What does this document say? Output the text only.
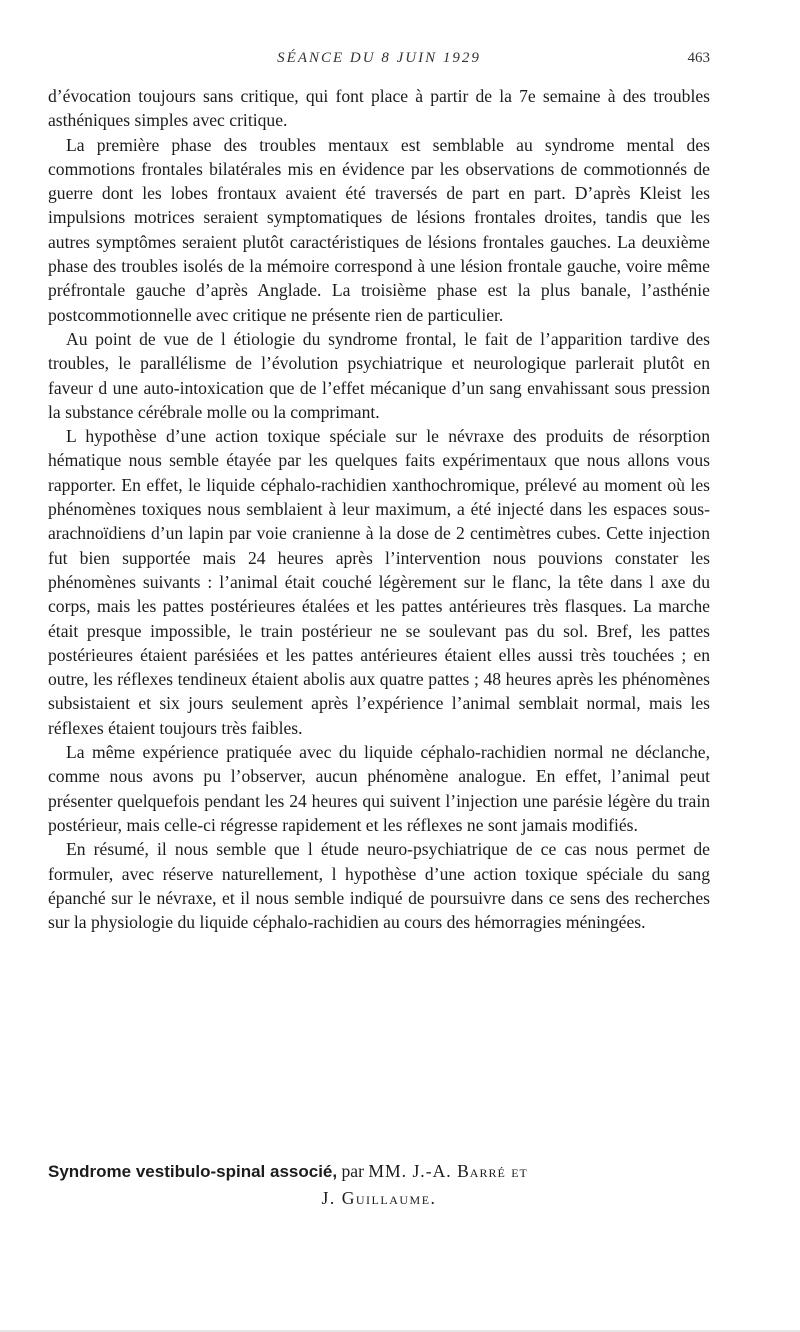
SÉANCE DU 8 JUIN 1929	463

d’évocation toujours sans critique, qui font place à partir de la 7e semaine à des troubles asthéniques simples avec critique.

La première phase des troubles mentaux est semblable au syndrome mental des commotions frontales bilatérales mis en évidence par les observations de commotionnés de guerre dont les lobes frontaux avaient été traversés de part en part. D’après Kleist les impulsions motrices seraient symptomatiques de lésions frontales droites, tandis que les autres symptômes seraient plutôt caractéristiques de lésions frontales gauches. La deuxième phase des troubles isolés de la mémoire correspond à une lésion frontale gauche, voire même préfrontale gauche d’après Anglade. La troisième phase est la plus banale, l’asthénie postcommotionnelle avec critique ne présente rien de particulier.

Au point de vue de l étiologie du syndrome frontal, le fait de l’apparition tardive des troubles, le parallélisme de l’évolution psychiatrique et neurologique parlerait plutôt en faveur d une auto-intoxication que de l’effet mécanique d’un sang envahissant sous pression la substance cérébrale molle ou la comprimant.

L hypothèse d’une action toxique spéciale sur le névraxe des produits de résorption hématique nous semble étayée par les quelques faits expérimentaux que nous allons vous rapporter. En effet, le liquide céphalo-rachidien xanthochromique, prélevé au moment où les phénomènes toxiques nous semblaient à leur maximum, a été injecté dans les espaces sous-arachnoïdiens d’un lapin par voie cranienne à la dose de 2 centimètres cubes. Cette injection fut bien supportée mais 24 heures après l’intervention nous pouvions constater les phénomènes suivants : l’animal était couché légèrement sur le flanc, la tête dans l axe du corps, mais les pattes postérieures étalées et les pattes antérieures très flasques. La marche était presque impossible, le train postérieur ne se soulevant pas du sol. Bref, les pattes postérieures étaient parésiées et les pattes antérieures étaient elles aussi très touchées ; en outre, les réflexes tendineux étaient abolis aux quatre pattes ; 48 heures après les phénomènes subsistaient et six jours seulement après l’expérience l’animal semblait normal, mais les réflexes étaient toujours très faibles.

La même expérience pratiquée avec du liquide céphalo-rachidien normal ne déclanche, comme nous avons pu l’observer, aucun phénomène analogue. En effet, l’animal peut présenter quelquefois pendant les 24 heures qui suivent l’injection une parésie légère du train postérieur, mais celle-ci régresse rapidement et les réflexes ne sont jamais modifiés.

En résumé, il nous semble que l étude neuro-psychiatrique de ce cas nous permet de formuler, avec réserve naturellement, l hypothèse d’une action toxique spéciale du sang épanché sur le névraxe, et il nous semble indiqué de poursuivre dans ce sens des recherches sur la physiologie du liquide céphalo-rachidien au cours des hémorragies méningées.

Syndrome vestibulo-spinal associé, par MM. J.-A. Barré et
J. Guillaume.
